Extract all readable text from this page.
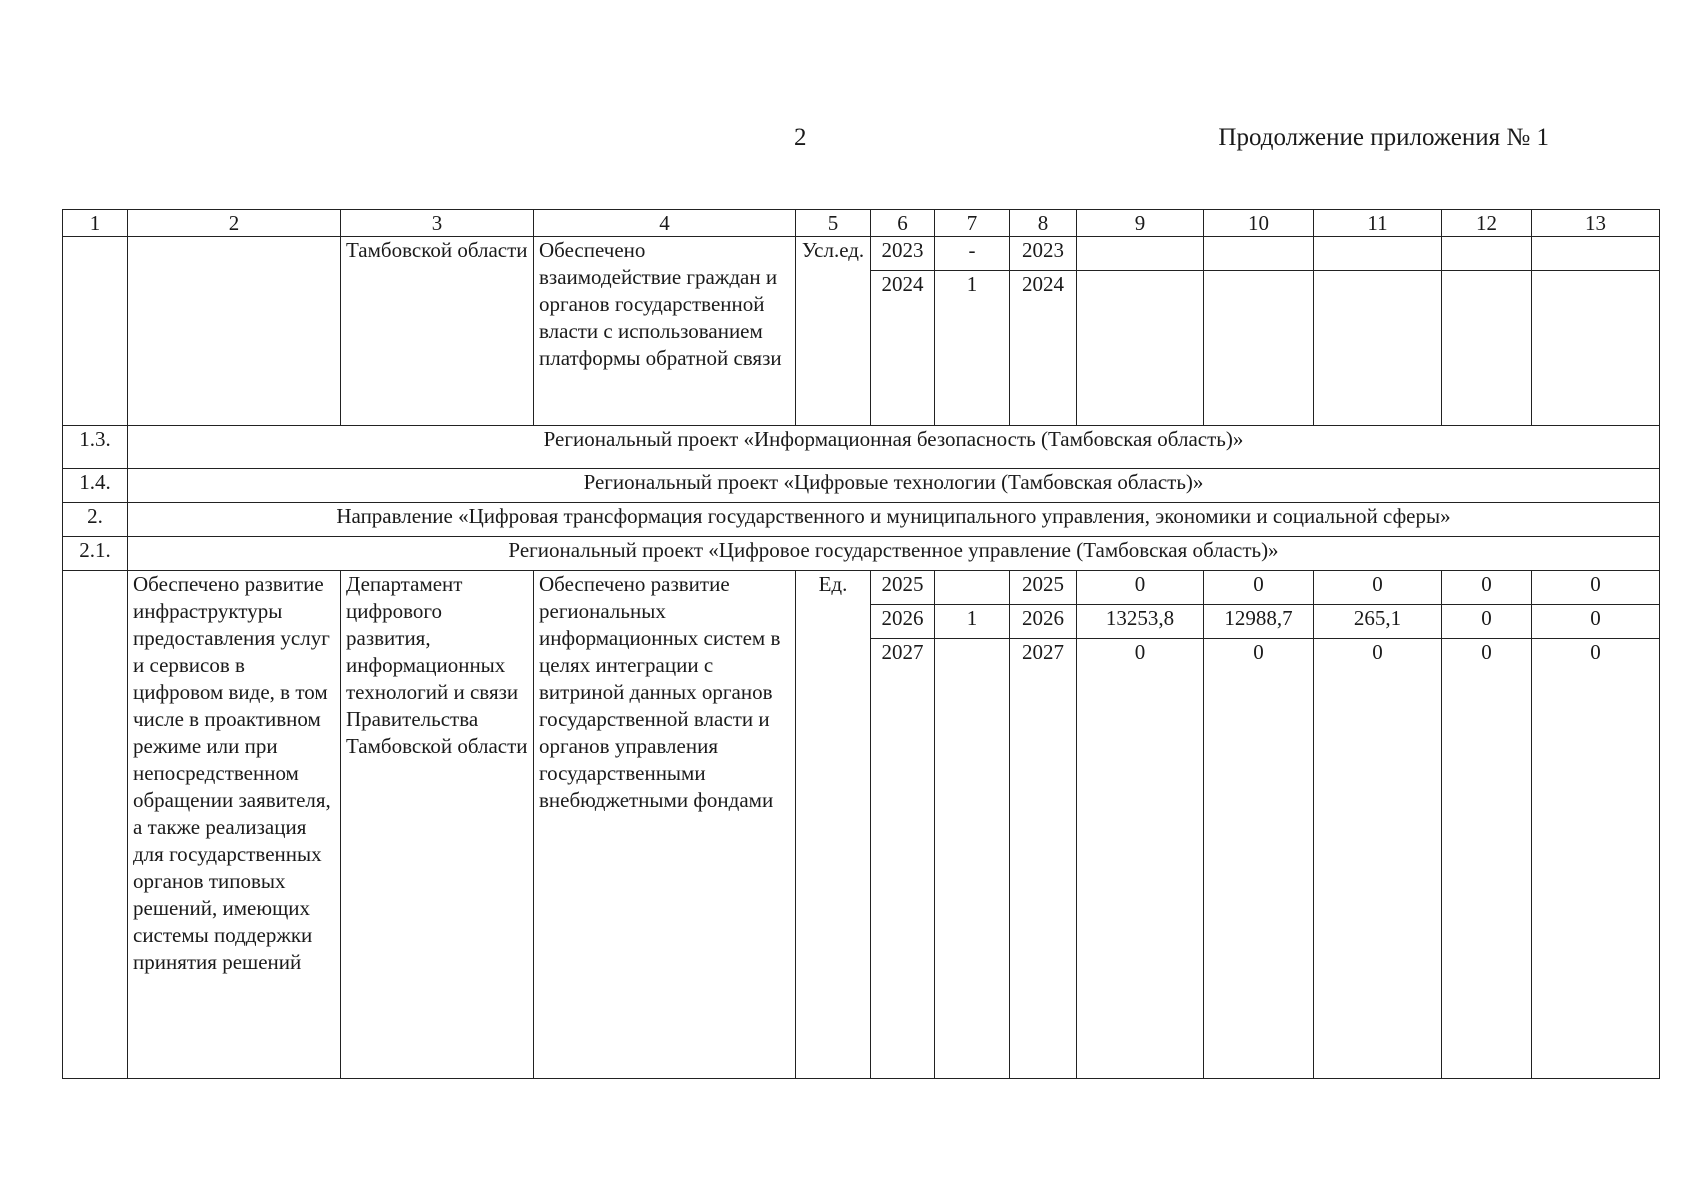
2	Продолжение приложения № 1
1	2	3	4	5	6	7	8	9	10	11	12	13
		Тамбовской области	Обеспечено взаимодействие граждан и органов государственной власти с использованием платформы обратной связи	Усл.ед.	2023	-	2023					
					2024	1	2024					
1.3.	Региональный проект «Информационная безопасность (Тамбовская область)»											
1.4.	Региональный проект «Цифровые технологии (Тамбовская область)»											
2.	Направление «Цифровая трансформация государственного и муниципального управления, экономики и социальной сферы»											
2.1.	Региональный проект «Цифровое государственное управление (Тамбовская область)»											
	Обеспечено развитие инфраструктуры предоставления услуг и сервисов в цифровом виде, в том числе в проактивном режиме или при непосредственном обращении заявителя, а также реализация для государственных органов типовых решений, имеющих системы поддержки принятия решений	Департамент цифрового развития, информационных технологий и связи Правительства Тамбовской области	Обеспечено развитие региональных информационных систем в целях интеграции с витриной данных органов государственной власти и органов управления государственными внебюджетными фондами	Ед.	2025		2025	0	0	0	0	0
					2026	1	2026	13253,8	12988,7	265,1	0	0
					2027		2027	0	0	0	0	0
